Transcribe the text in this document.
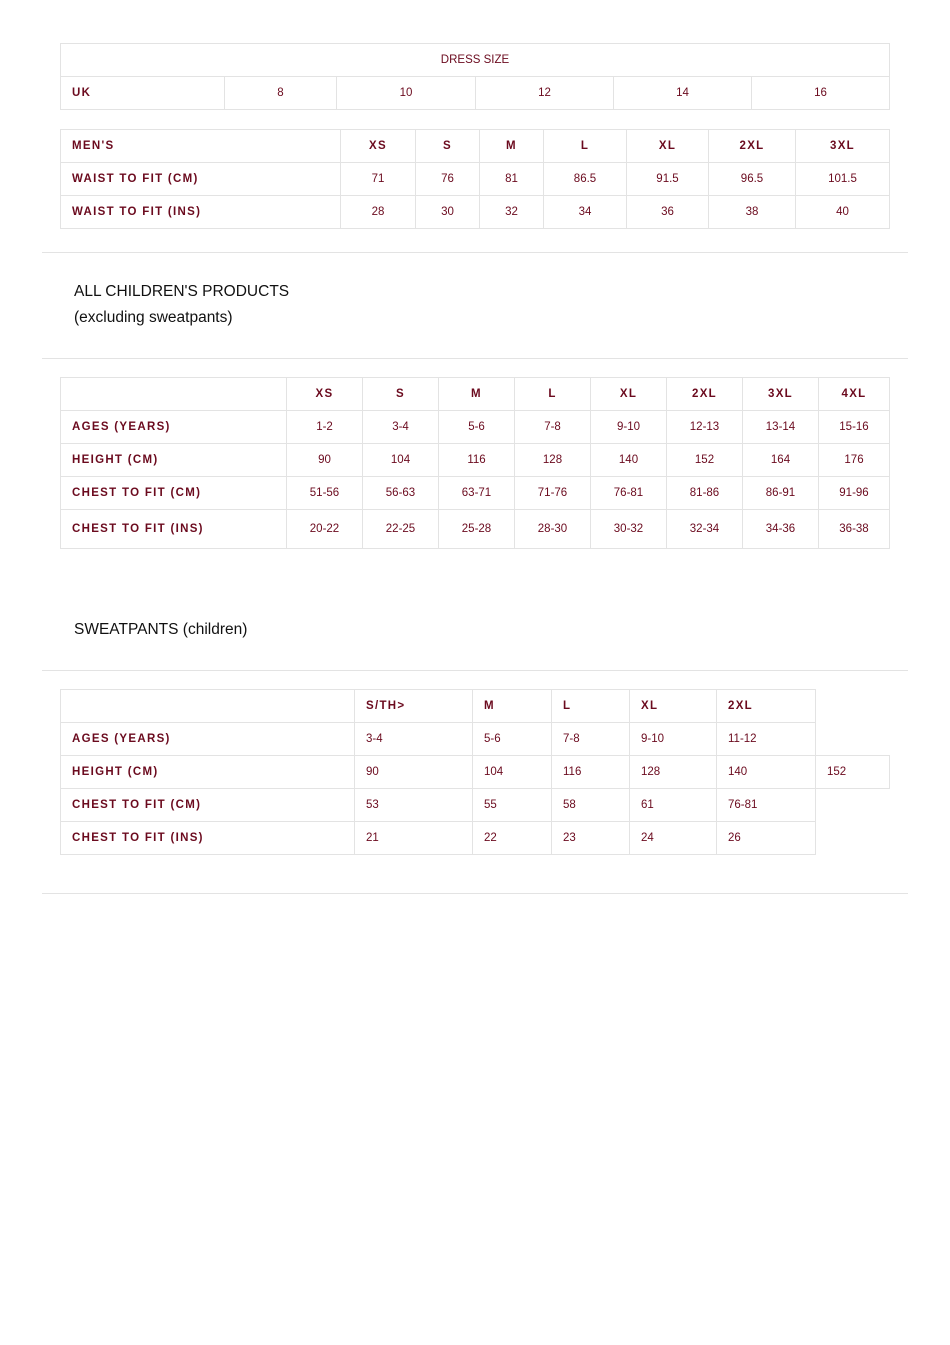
DRESS SIZE
UK	8	10	12	14	16
MEN'S	XS	S	M	L	XL	2XL	3XL
WAIST TO FIT (CM)	71	76	81	86.5	91.5	96.5	101.5
WAIST TO FIT (INS)	28	30	32	34	36	38	40
ALL CHILDREN'S PRODUCTS
(excluding sweatpants)
	XS	S	M	L	XL	2XL	3XL	4XL
AGES (YEARS)	1-2	3-4	5-6	7-8	9-10	12-13	13-14	15-16
HEIGHT (CM)	90	104	116	128	140	152	164	176
CHEST TO FIT (CM)	51-56	56-63	63-71	71-76	76-81	81-86	86-91	91-96
CHEST TO FIT (INS)	20-22	22-25	25-28	28-30	30-32	32-34	34-36	36-38
SWEATPANTS (children)
	S/TH>	M	L	XL	2XL	
AGES (YEARS)	3-4	5-6	7-8	9-10	11-12	
HEIGHT (CM)	90	104	116	128	140	152
CHEST TO FIT (CM)	53	55	58	61	76-81	
CHEST TO FIT (INS)	21	22	23	24	26	
